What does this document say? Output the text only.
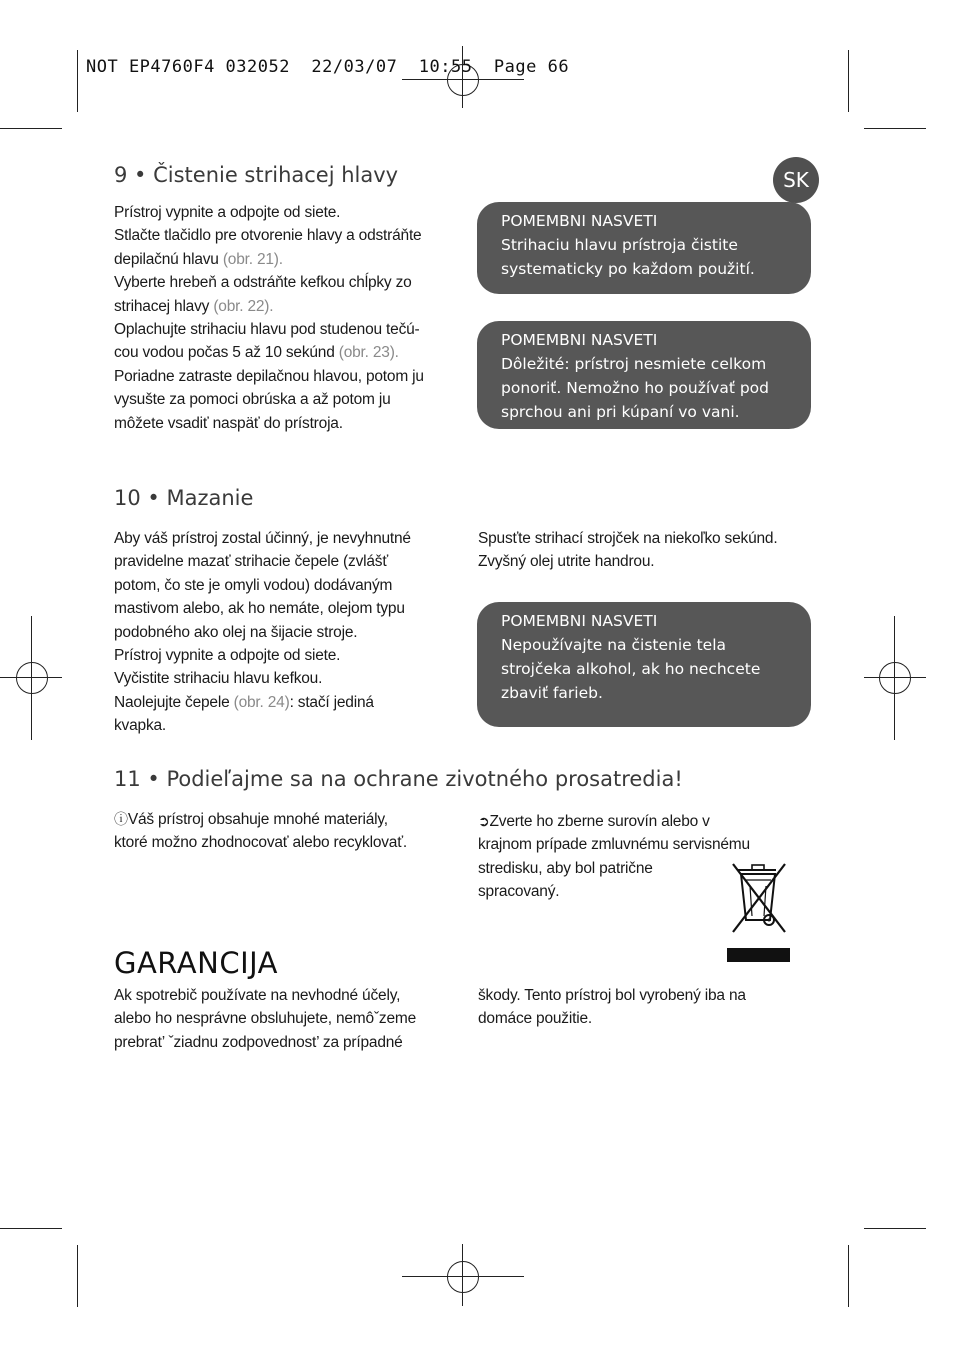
NOT EP4760F4 032052  22/03/07  10:55  Page 66
SK
9 • Čistenie strihacej hlavy

Prístroj vypnite a odpojte od siete.

Stlačte tlačidlo pre otvorenie hlavy a odstráňte

depilačnú hlavu (obr. 21).

Vyberte hrebeň a odstráňte kefkou chĺpky zo

strihacej hlavy (obr. 22).

Oplachujte strihaciu hlavu pod studenou tečú-

cou vodou počas 5 až 10 sekúnd (obr. 23).

Poriadne zatraste depilačnou hlavou, potom ju

vysušte za pomoci obrúska a až potom ju

môžete vsadiť naspäť do prístroja.

POMEMBNI NASVETI
Strihaciu hlavu prístroja čistite
systematicky po každom použití.
POMEMBNI NASVETI
Dôležité: prístroj nesmiete celkom
ponoriť. Nemožno ho používať pod
sprchou ani pri kúpaní vo vani.
POMEMBNI NASVETI
Nepoužívajte na čistenie tela
strojčeka alkohol, ak ho nechcete
zbaviť farieb.
10 • Mazanie

Aby váš prístroj zostal účinný, je nevyhnutné

pravidelne mazať strihacie čepele (zvlášť

potom, čo ste je omyli vodou) dodávaným

mastivom alebo, ak ho nemáte, olejom typu

podobného ako olej na šijacie stroje.

Prístroj vypnite a odpojte od siete.

Vyčistite strihaciu hlavu kefkou.

Naolejujte čepele (obr. 24): stačí jediná

kvapka.

Spusťte strihací strojček na niekoľko sekúnd.

Zvyšný olej utrite handrou.

11 • Podieľajme sa na ochrane zivotného prosatredia!

ⓘVáš prístroj obsahuje mnohé materiály,

ktoré možno zhodnocovať alebo recyklovať.

➲Zverte ho zberne surovín alebo v

krajnom prípade zmluvnému servisnému

stredisku, aby bol patrične

spracovaný.

GARANCIJA

Ak spotrebič používate na nevhodné účely,

alebo ho nesprávne obsluhujete, nemôˇzeme

prebrat’ ˇziadnu zodpovednost’ za prípadné

škody. Tento prístroj bol vyrobený iba na

domáce použitie.
